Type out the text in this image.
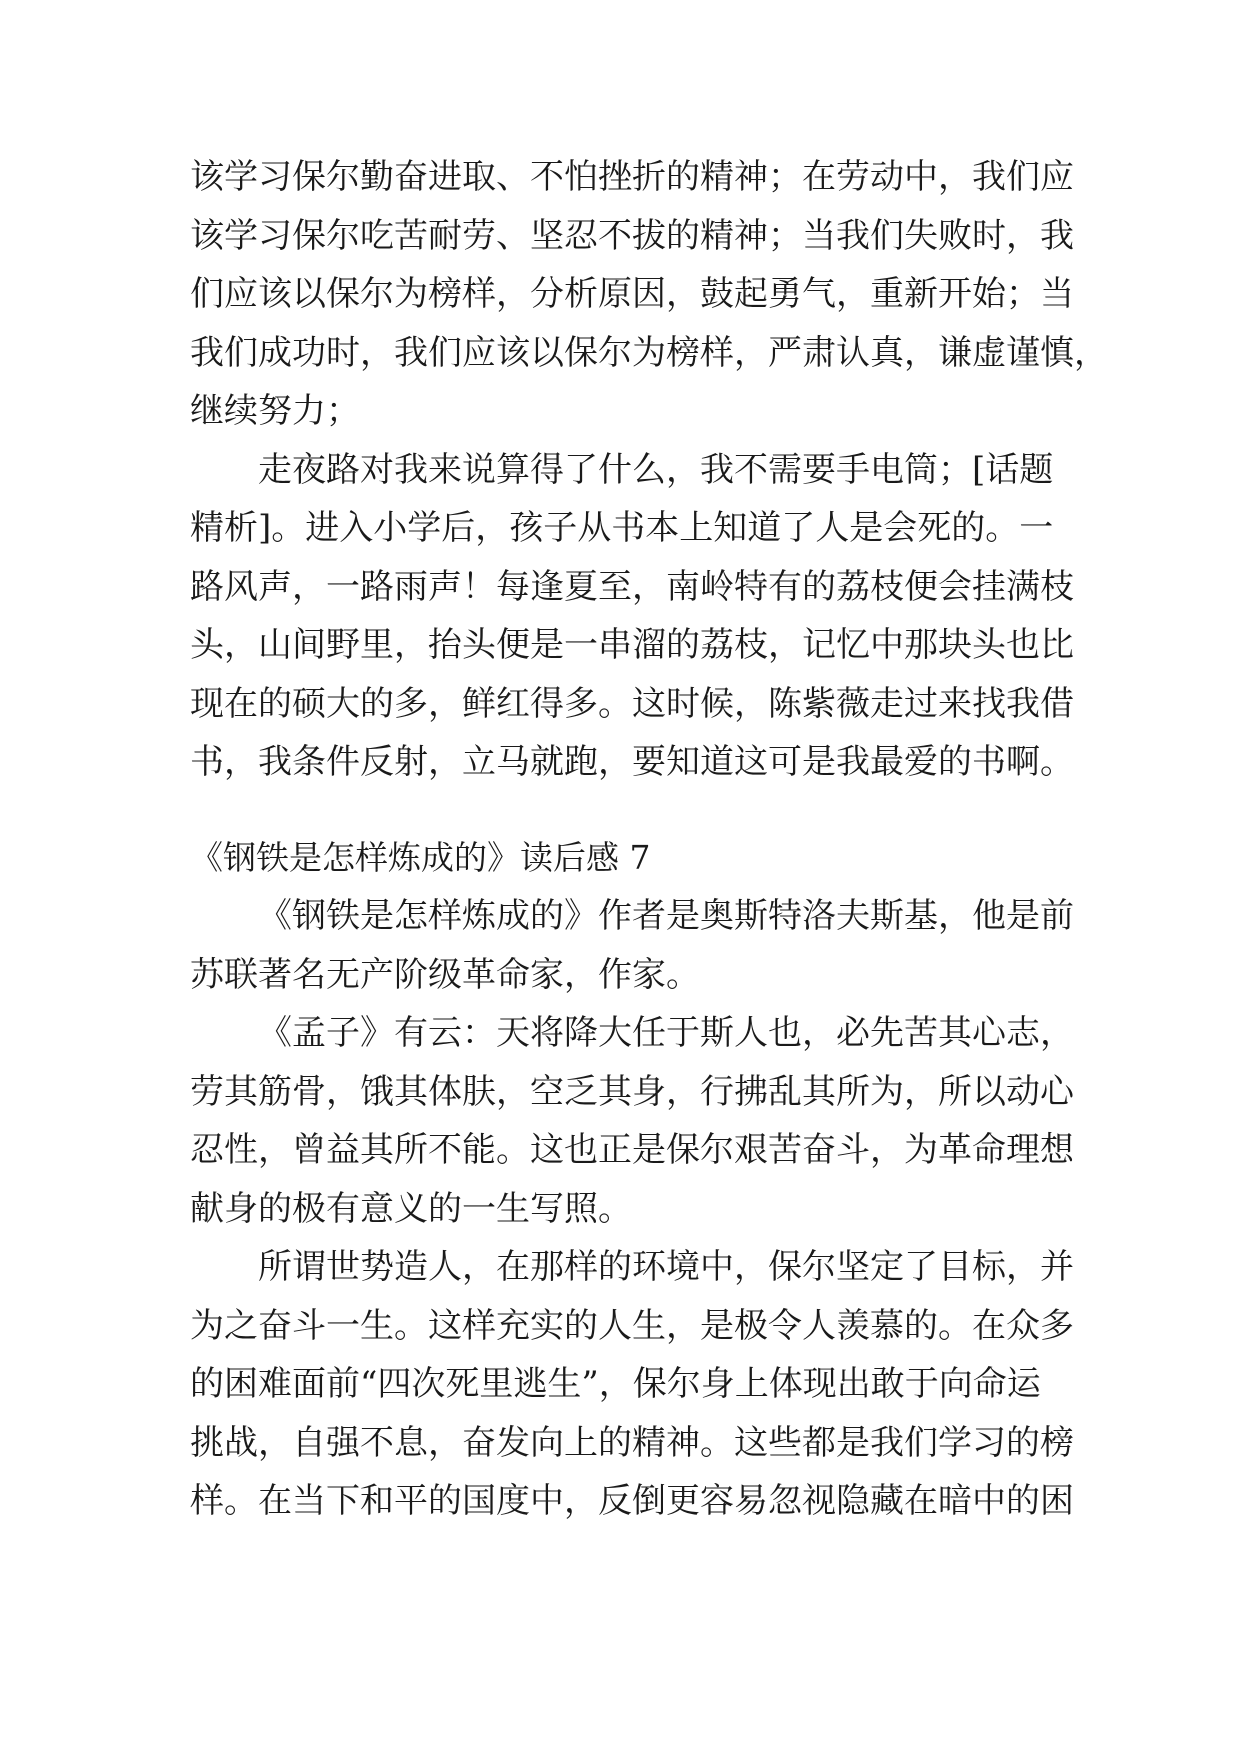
该学习保尔勤奋进取、不怕挫折的精神；在劳动中，我们应
该学习保尔吃苦耐劳、坚忍不拔的精神；当我们失败时，我
们应该以保尔为榜样，分析原因，鼓起勇气，重新开始；当
我们成功时，我们应该以保尔为榜样，严肃认真，谦虚谨慎，
继续努力；
走夜路对我来说算得了什么，我不需要手电筒；[话题
精析]。进入小学后，孩子从书本上知道了人是会死的。一
路风声，一路雨声！每逢夏至，南岭特有的荔枝便会挂满枝
头，山间野里，抬头便是一串溜的荔枝，记忆中那块头也比
现在的硕大的多，鲜红得多。这时候，陈紫薇走过来找我借
书，我条件反射，立马就跑，要知道这可是我最爱的书啊。
《钢铁是怎样炼成的》读后感 7
《钢铁是怎样炼成的》作者是奥斯特洛夫斯基，他是前
苏联著名无产阶级革命家，作家。
《孟子》有云：天将降大任于斯人也，必先苦其心志，
劳其筋骨，饿其体肤，空乏其身，行拂乱其所为，所以动心
忍性，曾益其所不能。这也正是保尔艰苦奋斗，为革命理想
献身的极有意义的一生写照。
所谓世势造人，在那样的环境中，保尔坚定了目标，并
为之奋斗一生。这样充实的人生，是极令人羡慕的。在众多
的困难面前“四次死里逃生”，保尔身上体现出敢于向命运
挑战，自强不息，奋发向上的精神。这些都是我们学习的榜
样。在当下和平的国度中，反倒更容易忽视隐藏在暗中的困
